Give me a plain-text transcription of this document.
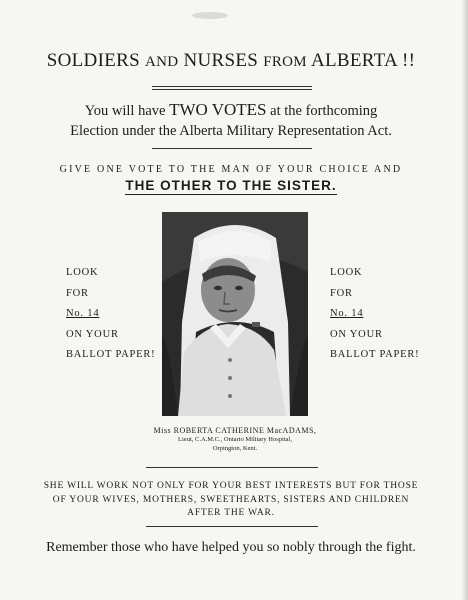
SOLDIERS AND NURSES FROM ALBERTA !!
You will have TWO VOTES at the forthcoming
Election under the Alberta Military Representation Act.
GIVE ONE VOTE TO THE MAN OF YOUR CHOICE AND
THE OTHER TO THE SISTER.
LOOK
FOR
No. 14
ON YOUR
BALLOT PAPER!
LOOK
FOR
No. 14
ON YOUR
BALLOT PAPER!
Miss ROBERTA CATHERINE MacADAMS,
Lieut, C.A.M.C., Ontario Military Hospital,
Orpington, Kent.
SHE WILL WORK NOT ONLY FOR YOUR BEST INTERESTS BUT FOR THOSE
OF YOUR WIVES, MOTHERS, SWEETHEARTS, SISTERS AND CHILDREN
AFTER THE WAR.
Remember those who have helped you so nobly through the fight.
